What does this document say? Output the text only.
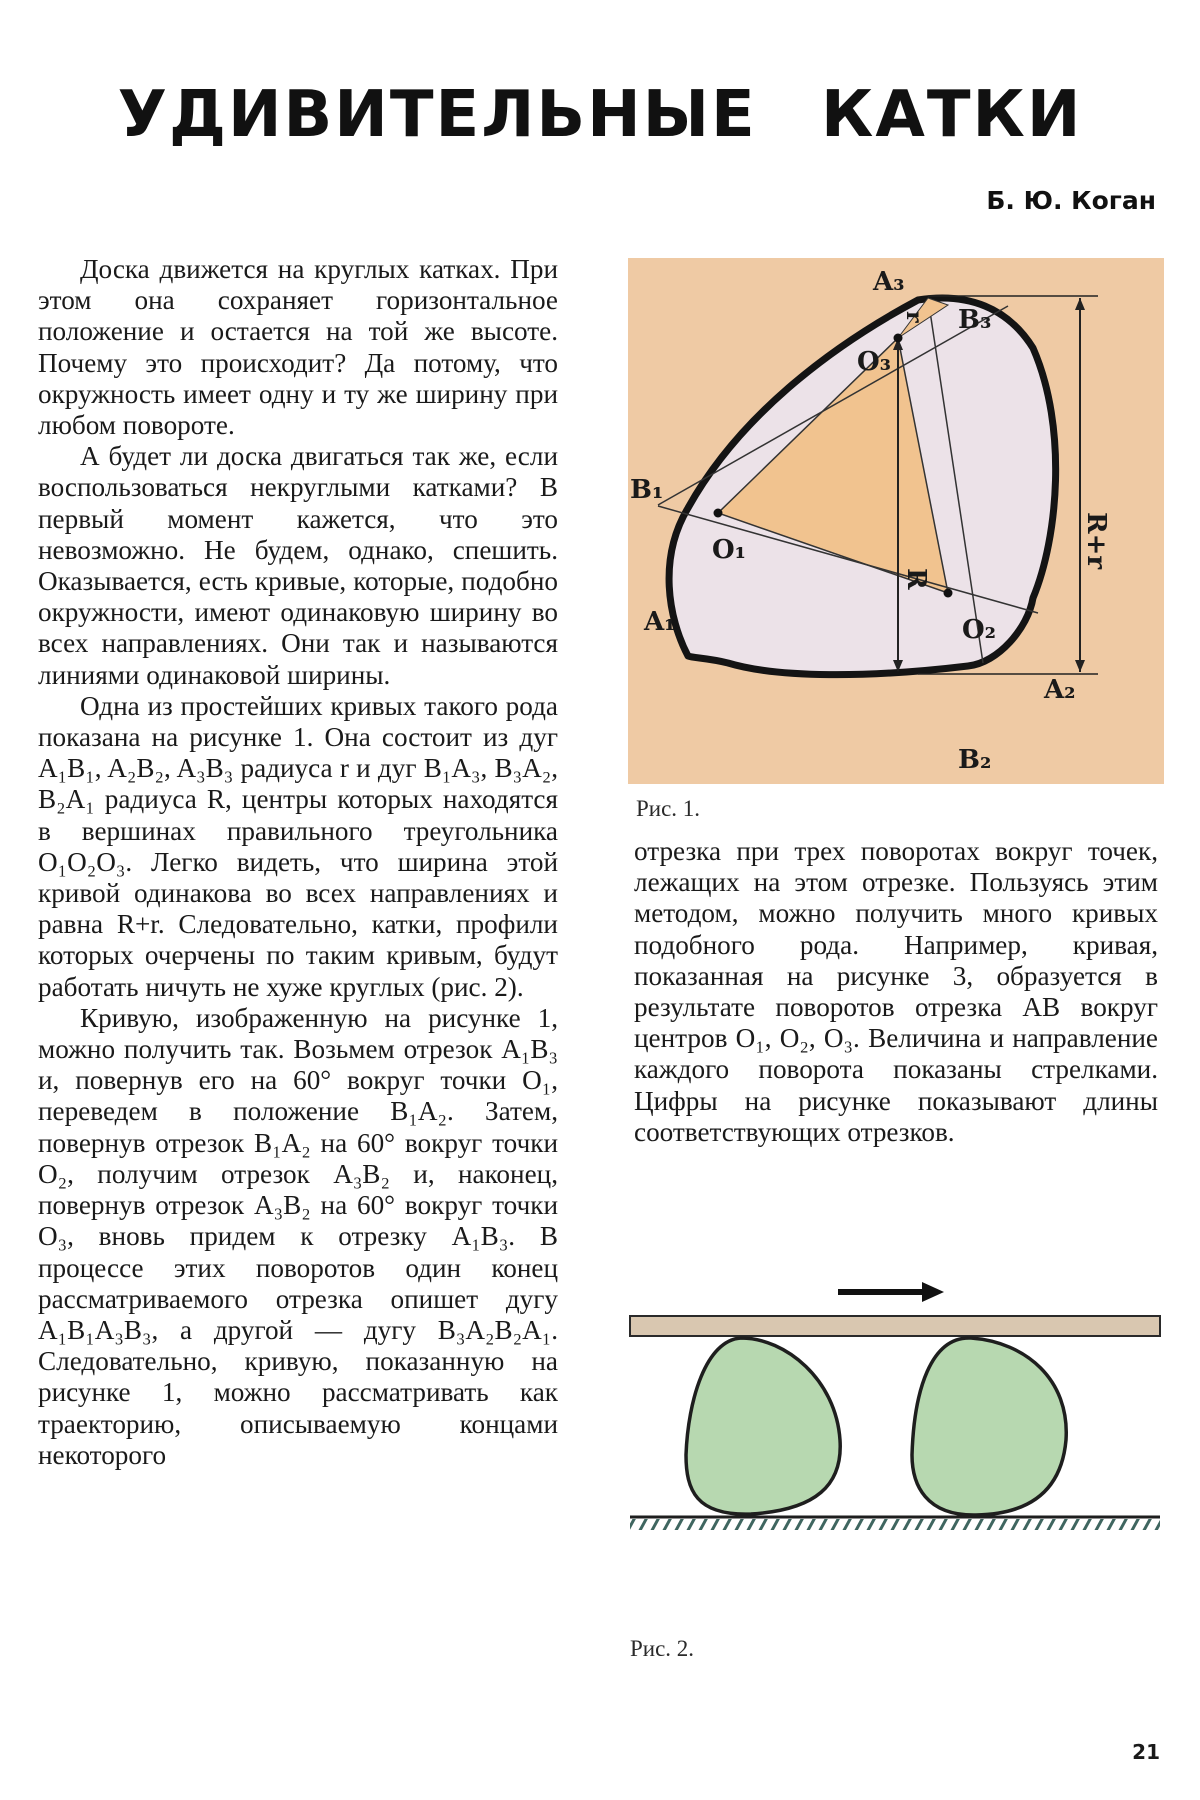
УДИВИТЕЛЬНЫЕ КАТКИ
Б. Ю. Коган

Доска движется на круглых катках. При этом она сохраняет горизонтальное положение и остается на той же высоте. Почему это происходит? Да потому, что окружность имеет одну и ту же ширину при любом повороте.

А будет ли доска двигаться так же, если воспользоваться некруглыми катками? В первый момент кажется, что это невозможно. Не будем, однако, спешить. Оказывается, есть кривые, которые, подобно окружности, имеют одинаковую ширину во всех направлениях. Они так и называются линиями одинаковой ширины.

Одна из простейших кривых такого рода показана на рисунке 1. Она состоит из дуг A₁B₁, A₂B₂, A₃B₃ радиуса r и дуг B₁A₃, B₃A₂, B₂A₁ радиуса R, центры которых находятся в вершинах правильного треугольника O₁O₂O₃. Легко видеть, что ширина этой кривой одинакова во всех направлениях и равна R+r. Следовательно, катки, профили которых очерчены по таким кривым, будут работать ничуть не хуже круглых (рис. 2).

Кривую, изображенную на рисунке 1, можно получить так. Возьмем отрезок A₁B₃ и, повернув его на 60° вокруг точки O₁, переведем в положение B₁A₂. Затем, повернув отрезок B₁A₂ на 60° вокруг точки O₂, получим отрезок A₃B₂ и, наконец, повернув отрезок A₃B₂ на 60° вокруг точки O₃, вновь придем к отрезку A₁B₃. В процессе этих поворотов один конец рассматриваемого отрезка опишет дугу A₁B₁A₃B₃, а другой — дугу B₃A₂B₂A₁. Следовательно, кривую, показанную на рисунке 1, можно рассматривать как траекторию, описываемую концами некоторого

A₃
B₃
O₃
r
B₁
A₁
O₁
O₂
A₂
B₂
R
R+r
Рис. 1.

отрезка при трех поворотах вокруг точек, лежащих на этом отрезке. Пользуясь этим методом, можно получить много кривых подобного рода. Например, кривая, показанная на рисунке 3, образуется в результате поворотов отрезка AB вокруг центров O₁, O₂, O₃. Величина и направление каждого поворота показаны стрелками. Цифры на рисунке показывают длины соответствующих отрезков.

Рис. 2.
21
